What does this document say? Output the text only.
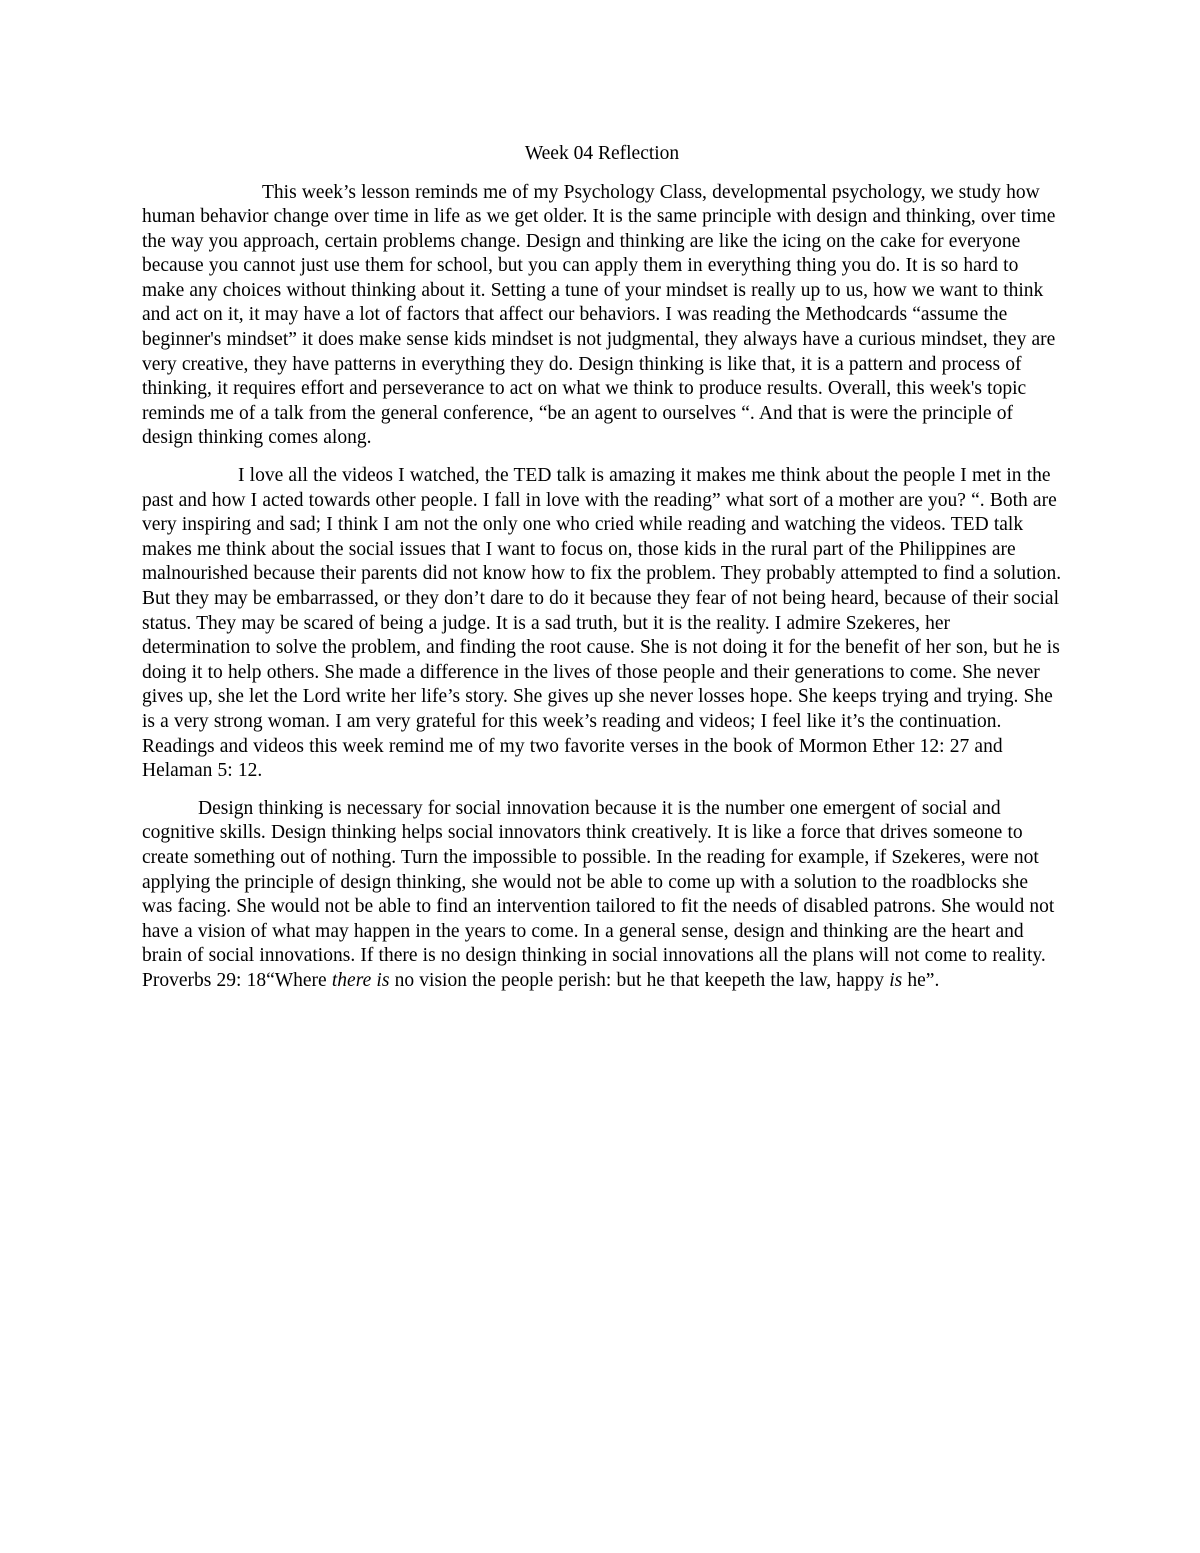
Week 04 Reflection

This week’s lesson reminds me of my Psychology Class, developmental psychology, we study how human behavior change over time in life as we get older. It is the same principle with design and thinking, over time the way you approach, certain problems change. Design and thinking are like the icing on the cake for everyone because you cannot just use them for school, but you can apply them in everything thing you do. It is so hard to make any choices without thinking about it. Setting a tune of your mindset is really up to us, how we want to think and act on it, it may have a lot of factors that affect our behaviors. I was reading the Methodcards “assume the beginner's mindset” it does make sense kids mindset is not judgmental, they always have a curious mindset, they are very creative, they have patterns in everything they do. Design thinking is like that, it is a pattern and process of thinking, it requires effort and perseverance to act on what we think to produce results. Overall, this week's topic reminds me of a talk from the general conference, “be an agent to ourselves “. And that is were the principle of design thinking comes along.

I love all the videos I watched, the TED talk is amazing it makes me think about the people I met in the past and how I acted towards other people. I fall in love with the reading” what sort of a mother are you? “. Both are very inspiring and sad; I think I am not the only one who cried while reading and watching the videos. TED talk makes me think about the social issues that I want to focus on, those kids in the rural part of the Philippines are malnourished because their parents did not know how to fix the problem. They probably attempted to find a solution. But they may be embarrassed, or they don’t dare to do it because they fear of not being heard, because of their social status. They may be scared of being a judge. It is a sad truth, but it is the reality. I admire Szekeres, her determination to solve the problem, and finding the root cause. She is not doing it for the benefit of her son, but he is doing it to help others. She made a difference in the lives of those people and their generations to come. She never gives up, she let the Lord write her life’s story. She gives up she never losses hope. She keeps trying and trying. She is a very strong woman. I am very grateful for this week’s reading and videos; I feel like it’s the continuation. Readings and videos this week remind me of my two favorite verses in the book of Mormon Ether 12: 27 and Helaman 5: 12.

Design thinking is necessary for social innovation because it is the number one emergent of social and cognitive skills. Design thinking helps social innovators think creatively. It is like a force that drives someone to create something out of nothing. Turn the impossible to possible. In the reading for example, if Szekeres, were not applying the principle of design thinking, she would not be able to come up with a solution to the roadblocks she was facing. She would not be able to find an intervention tailored to fit the needs of disabled patrons. She would not have a vision of what may happen in the years to come. In a general sense, design and thinking are the heart and brain of social innovations. If there is no design thinking in social innovations all the plans will not come to reality. Proverbs 29: 18“Where there is no vision the people perish: but he that keepeth the law, happy is he”.
